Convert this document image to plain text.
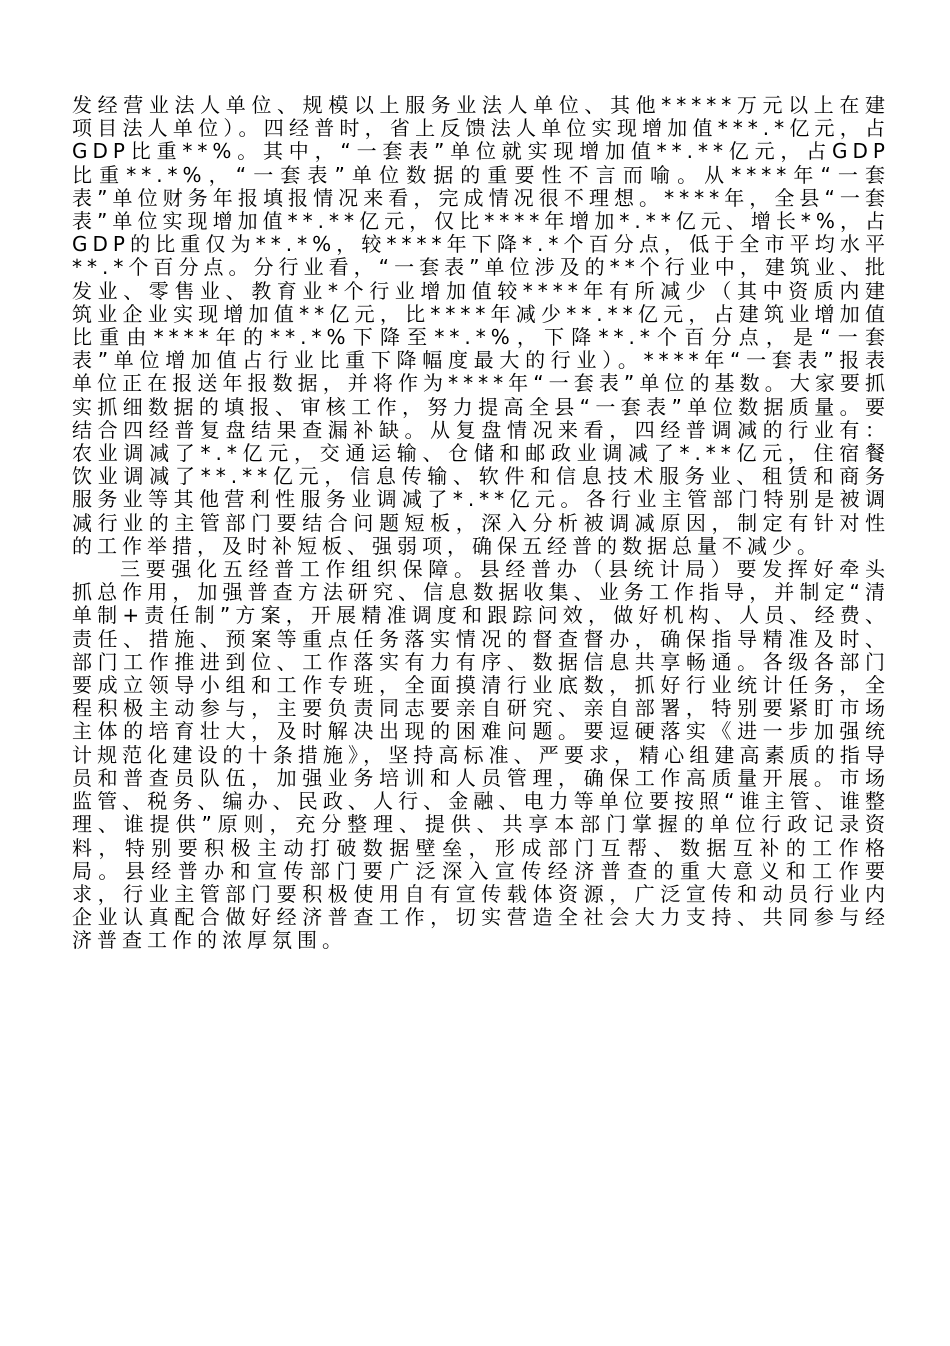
发经营业法人单位、规模以上服务业法人单位、其他*****万元以上在建项目法人单位）。四经普时，省上反馈法人单位实现增加值***.*亿元，占GDP比重**%。其中，“一套表”单位就实现增加值**.**亿元，占GDP比重**.*%，“一套表”单位数据的重要性不言而喻。从****年“一套表”单位财务年报填报情况来看，完成情况很不理想。****年，全县“一套表”单位实现增加值**.**亿元，仅比****年增加*.**亿元、增长*%，占GDP的比重仅为**.*%，较****年下降*.*个百分点，低于全市平均水平**.*个百分点。分行业看，“一套表”单位涉及的**个行业中，建筑业、批发业、零售业、教育业*个行业增加值较****年有所减少（其中资质内建筑业企业实现增加值**亿元，比****年减少**.**亿元，占建筑业增加值比重由****年的**.*%下降至**.*%，下降**.*个百分点，是“一套表”单位增加值占行业比重下降幅度最大的行业）。****年“一套表”报表单位正在报送年报数据，并将作为****年“一套表”单位的基数。大家要抓实抓细数据的填报、审核工作，努力提高全县“一套表”单位数据质量。要结合四经普复盘结果查漏补缺。从复盘情况来看，四经普调减的行业有：农业调减了*.*亿元，交通运输、仓储和邮政业调减了*.**亿元，住宿餐饮业调减了**.**亿元，信息传输、软件和信息技术服务业、租赁和商务服务业等其他营利性服务业调减了*.**亿元。各行业主管部门特别是被调减行业的主管部门要结合问题短板，深入分析被调减原因，制定有针对性的工作举措，及时补短板、强弱项，确保五经普的数据总量不减少。

三要强化五经普工作组织保障。县经普办（县统计局）要发挥好牵头抓总作用，加强普查方法研究、信息数据收集、业务工作指导，并制定“清单制+责任制”方案，开展精准调度和跟踪问效，做好机构、人员、经费、责任、措施、预案等重点任务落实情况的督查督办，确保指导精准及时、部门工作推进到位、工作落实有力有序、数据信息共享畅通。各级各部门要成立领导小组和工作专班，全面摸清行业底数，抓好行业统计任务，全程积极主动参与，主要负责同志要亲自研究、亲自部署，特别要紧盯市场主体的培育壮大，及时解决出现的困难问题。要逗硬落实《进一步加强统计规范化建设的十条措施》，坚持高标准、严要求，精心组建高素质的指导员和普查员队伍，加强业务培训和人员管理，确保工作高质量开展。市场监管、税务、编办、民政、人行、金融、电力等单位要按照“谁主管、谁整理、谁提供”原则，充分整理、提供、共享本部门掌握的单位行政记录资料，特别要积极主动打破数据壁垒，形成部门互帮、数据互补的工作格局。县经普办和宣传部门要广泛深入宣传经济普查的重大意义和工作要求，行业主管部门要积极使用自有宣传载体资源，广泛宣传和动员行业内企业认真配合做好经济普查工作，切实营造全社会大力支持、共同参与经济普查工作的浓厚氛围。
